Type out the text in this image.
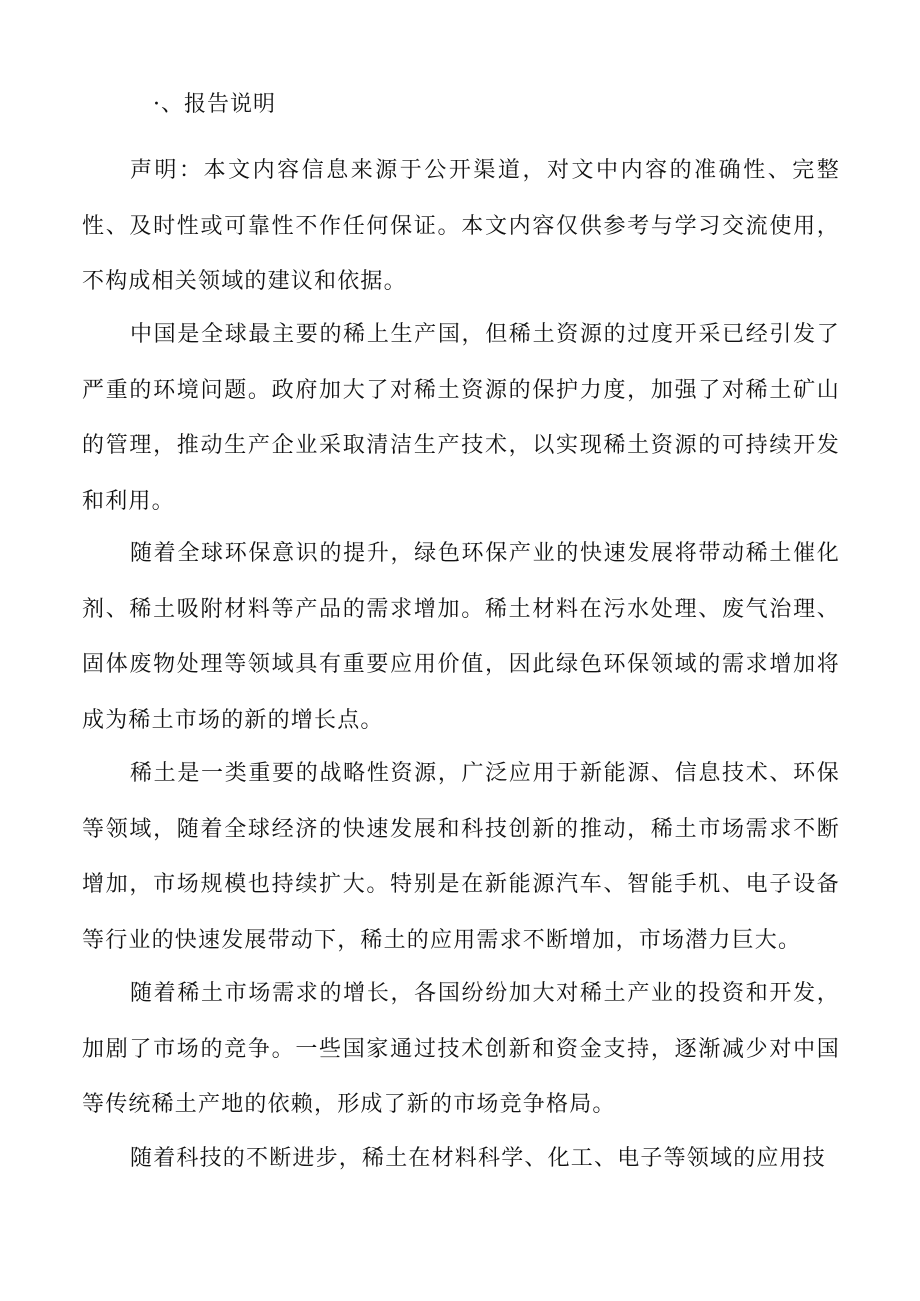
·、报告说明

声明：本文内容信息来源于公开渠道，对文中内容的准确性、完整性、及时性或可靠性不作任何保证。本文内容仅供参考与学习交流使用，不构成相关领域的建议和依据。

中国是全球最主要的稀上生产国，但稀土资源的过度开采已经引发了严重的环境问题。政府加大了对稀土资源的保护力度，加强了对稀土矿山的管理，推动生产企业采取清洁生产技术，以实现稀土资源的可持续开发和利用。

随着全球环保意识的提升，绿色环保产业的快速发展将带动稀土催化剂、稀土吸附材料等产品的需求增加。稀土材料在污水处理、废气治理、固体废物处理等领域具有重要应用价值，因此绿色环保领域的需求增加将成为稀土市场的新的增长点。

稀土是一类重要的战略性资源，广泛应用于新能源、信息技术、环保等领域，随着全球经济的快速发展和科技创新的推动，稀土市场需求不断增加，市场规模也持续扩大。特别是在新能源汽车、智能手机、电子设备等行业的快速发展带动下，稀土的应用需求不断增加，市场潜力巨大。

随着稀土市场需求的增长，各国纷纷加大对稀土产业的投资和开发，加剧了市场的竞争。一些国家通过技术创新和资金支持，逐渐减少对中国等传统稀土产地的依赖，形成了新的市场竞争格局。

随着科技的不断进步，稀土在材料科学、化工、电子等领域的应用技
